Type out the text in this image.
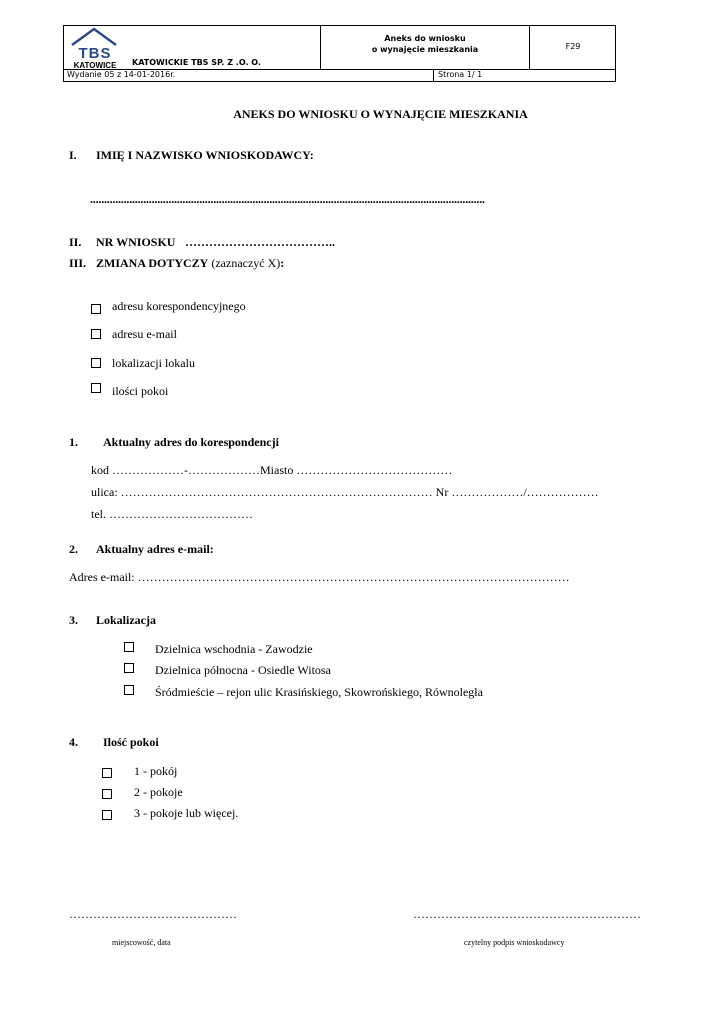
TBS
KATOWICE KATOWICKIE TBS SP. Z .O. O.
Aneks do wniosku
o wynajęcie mieszkania	F29
Wydanie 05 z 14-01-2016r.	Strona 1/ 1
ANEKS DO WNIOSKU O WYNAJĘCIE MIESZKANIA
I. IMIĘ I NAZWISKO WNIOSKODAWCY:
.............................................................................................................................................
II. NR WNIOSKU ………………………………..
III. ZMIANA DOTYCZY (zaznaczyć X):
adresu korespondencyjnego
adresu e-mail
lokalizacji lokalu
ilości pokoi
1. Aktualny adres do korespondencji
kod ………………-………………Miasto …………………………………
ulica: …………………………………………………………………… Nr ………………/………………
tel. ………………………………
2. Aktualny adres e-mail:
Adres e-mail: ………………………………………………………………………………………………
3. Lokalizacja
Dzielnica wschodnia - Zawodzie
Dzielnica północna - Osiedle Witosa
Śródmieście – rejon ulic Krasińskiego, Skowrońskiego, Równoległa
4. Ilość pokoi
1 - pokój
2 - pokoje
3 - pokoje lub więcej.
……………………………………	…………………………………………………
miejscowość, data	czytelny podpis wnioskodawcy
